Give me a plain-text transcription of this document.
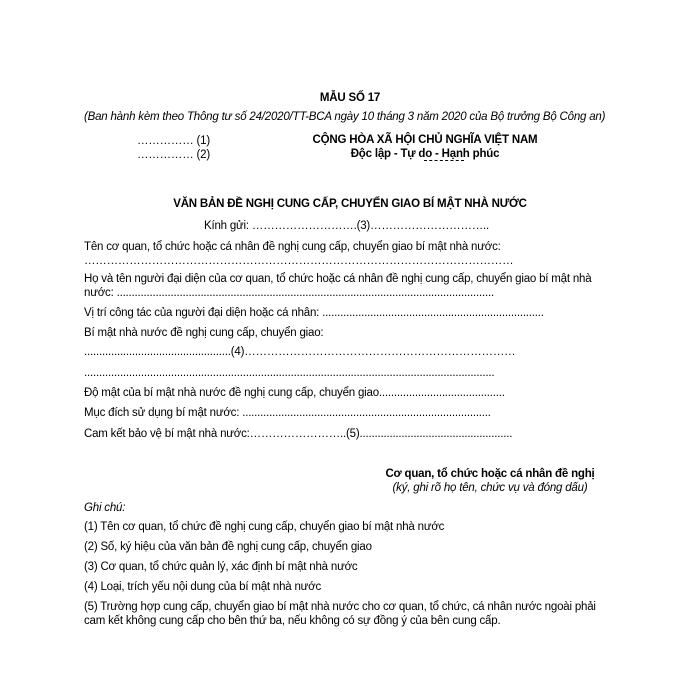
MẪU SỐ 17
(Ban hành kèm theo Thông tư số 24/2020/TT-BCA ngày 10 tháng 3 năm 2020 của Bộ trưởng Bộ Công an)
…………… (1)
…………… (2)
CỘNG HÒA XÃ HỘI CHỦ NGHĨA VIỆT NAM
Độc lập - Tự do - Hạnh phúc
VĂN BẢN ĐỀ NGHỊ CUNG CẤP, CHUYỂN GIAO BÍ MẬT NHÀ NƯỚC
Kính gửi: ……………………….(3)…………………………..
Tên cơ quan, tổ chức hoặc cá nhân đề nghị cung cấp, chuyển giao bí mật nhà nước:
……………………………………………………………………………………………………
Họ và tên người đại diện của cơ quan, tổ chức hoặc cá nhân đề nghị cung cấp, chuyển giao bí mật nhà
nước: ..............................................................................................................................
Vị trí công tác của người đại diện hoặc cá nhân: ..........................................................................
Bí mật nhà nước đề nghị cung cấp, chuyển giao:
.................................................(4)………………………………………………………………
.........................................................................................................................................
Độ mật của bí mật nhà nước đề nghị cung cấp, chuyển giao..........................................
Mục đích sử dụng bí mật nước: ...................................................................................
Cam kết bảo vệ bí mật nhà nước:……………………..(5)...................................................
Cơ quan, tổ chức hoặc cá nhân đề nghị
(ký, ghi rõ họ tên, chức vụ và đóng dấu)
Ghi chú:
(1) Tên cơ quan, tổ chức đề nghị cung cấp, chuyển giao bí mật nhà nước
(2) Số, ký hiệu của văn bản đề nghị cung cấp, chuyển giao
(3) Cơ quan, tổ chức quản lý, xác định bí mật nhà nước
(4) Loại, trích yếu nội dung của bí mật nhà nước
(5) Trường hợp cung cấp, chuyển giao bí mật nhà nước cho cơ quan, tổ chức, cá nhân nước ngoài phải
cam kết không cung cấp cho bên thứ ba, nếu không có sự đồng ý của bên cung cấp.
